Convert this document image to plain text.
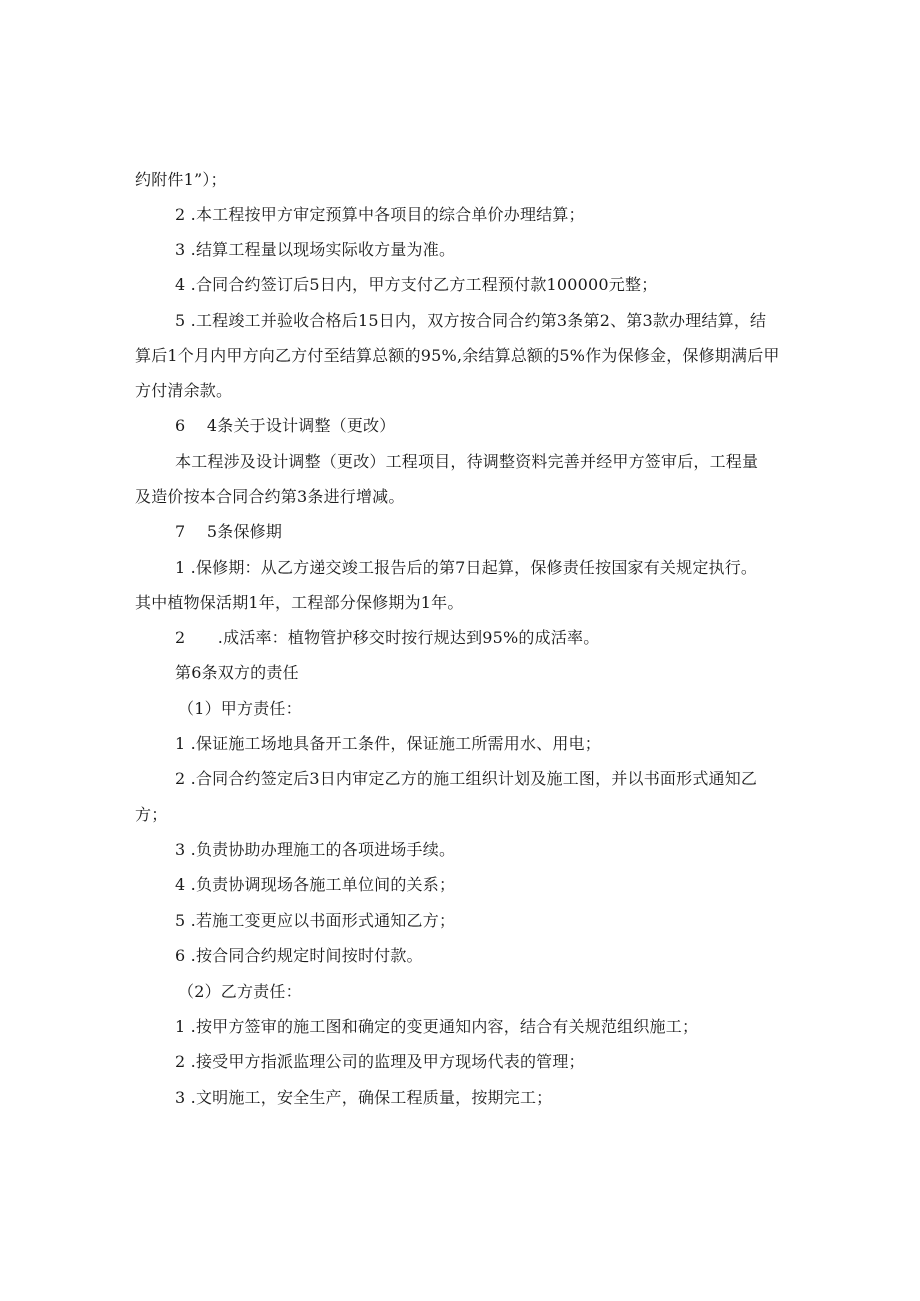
约附件1”）；
2 .本工程按甲方审定预算中各项目的综合单价办理结算；
3 .结算工程量以现场实际收方量为准。
4 .合同合约签订后5日内，甲方支付乙方工程预付款100000元整；
5 .工程竣工并验收合格后15日内，双方按合同合约第3条第2、第3款办理结算，结
算后1个月内甲方向乙方付至结算总额的95%,余结算总额的5%作为保修金，保修期满后甲
方付清余款。
6　 4条关于设计调整（更改）
本工程涉及设计调整（更改）工程项目，待调整资料完善并经甲方签审后，工程量
及造价按本合同合约第3条进行增减。
7　 5条保修期
1 .保修期：从乙方递交竣工报告后的第7日起算，保修责任按国家有关规定执行。
其中植物保活期1年，工程部分保修期为1年。
2　　.成活率：植物管护移交时按行规达到95%的成活率。
第6条双方的责任
（1）甲方责任：
1 .保证施工场地具备开工条件，保证施工所需用水、用电；
2 .合同合约签定后3日内审定乙方的施工组织计划及施工图，并以书面形式通知乙
方；
3 .负责协助办理施工的各项进场手续。
4 .负责协调现场各施工单位间的关系；
5 .若施工变更应以书面形式通知乙方；
6 .按合同合约规定时间按时付款。
（2）乙方责任：
1 .按甲方签审的施工图和确定的变更通知内容，结合有关规范组织施工；
2 .接受甲方指派监理公司的监理及甲方现场代表的管理；
3 .文明施工，安全生产，确保工程质量，按期完工；
